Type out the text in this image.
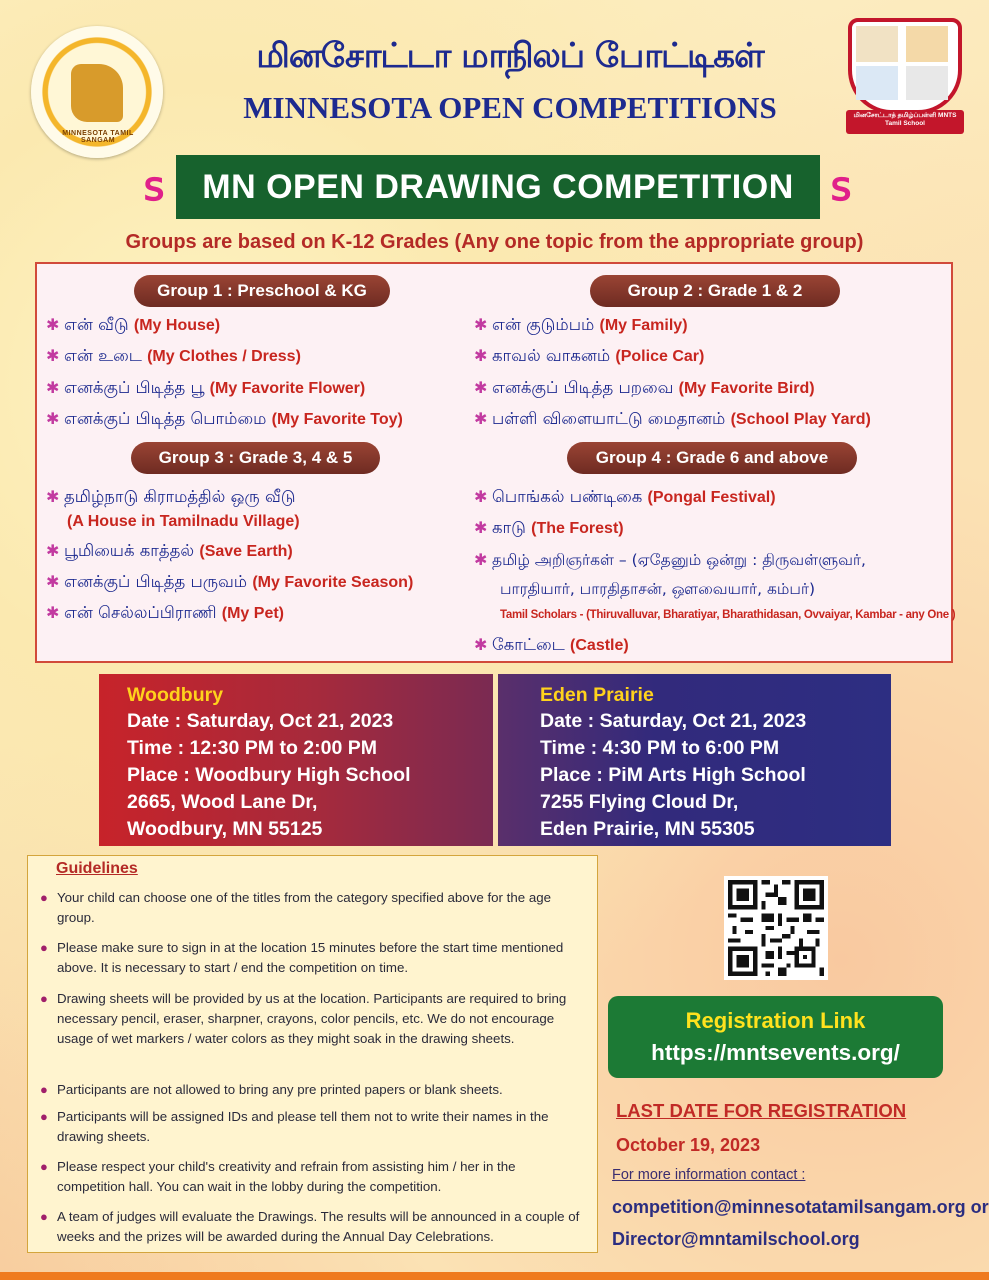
MINNESOTA TAMIL SANGAM
மினசோட்டாத் தமிழ்ப்பள்ளி MNTS Tamil School
மினசோட்டா மாநிலப் போட்டிகள்
MINNESOTA OPEN COMPETITIONS
ꜱ	MN OPEN DRAWING COMPETITION ꜱ
Groups are based on K-12 Grades (Any one topic from the appropriate group)
Group 1 : Preschool & KG	Group 2 : Grade 1 & 2
✱ என் வீடு (My House)
✱ என் உடை (My Clothes / Dress)
✱ எனக்குப் பிடித்த பூ (My Favorite Flower)
✱ எனக்குப் பிடித்த பொம்மை (My Favorite Toy)
✱ என் குடும்பம் (My Family)
✱ காவல் வாகனம் (Police Car)
✱ எனக்குப் பிடித்த பறவை (My Favorite Bird)
✱ பள்ளி விளையாட்டு மைதானம் (School Play Yard)
Group 3 : Grade 3, 4 & 5	Group 4 : Grade 6 and above
✱ தமிழ்நாடு கிராமத்தில் ஒரு வீடு
(A House in Tamilnadu Village)
✱ பூமியைக் காத்தல் (Save Earth)
✱ எனக்குப் பிடித்த பருவம் (My Favorite Season)
✱ என் செல்லப்பிராணி (My Pet)
✱ பொங்கல் பண்டிகை (Pongal Festival)
✱ காடு (The Forest)
✱ தமிழ் அறிஞர்கள் – (ஏதேனும் ஒன்று : திருவள்ளுவர்,
பாரதியார், பாரதிதாசன், ஔவையார், கம்பர்)
Tamil Scholars - (Thiruvalluvar, Bharatiyar, Bharathidasan, Ovvaiyar, Kambar - any One )
✱ கோட்டை (Castle)
Woodbury
Date : Saturday, Oct 21, 2023
Time : 12:30 PM to 2:00 PM
Place : Woodbury High School
2665, Wood Lane Dr,
Woodbury, MN 55125
Eden Prairie
Date : Saturday, Oct 21, 2023
Time : 4:30 PM to 6:00 PM
Place : PiM Arts High School
7255 Flying Cloud Dr,
Eden Prairie, MN 55305
Guidelines
● Your child can choose one of the titles from the category specified above for the age group.
● Please make sure to sign in at the location 15 minutes before the start time mentioned above. It is necessary to start / end the competition on time.
● Drawing sheets will be provided by us at the location. Participants are required to bring necessary pencil, eraser, sharpner, crayons, color pencils, etc. We do not encourage usage of wet markers / water colors as they might soak in the drawing sheets.
● Participants are not allowed to bring any pre printed papers or blank sheets.
● Participants will be assigned IDs and please tell them not to write their names in the drawing sheets.
● Please respect your child's creativity and refrain from assisting him / her in the competition hall. You can wait in the lobby during the competition.
● A team of judges will evaluate the Drawings. The results will be announced in a couple of weeks and the prizes will be awarded during the Annual Day Celebrations.
Registration Link
https://mntsevents.org/
LAST DATE FOR REGISTRATION
October 19, 2023
For more information contact :
competition@minnesotatamilsangam.org or
Director@mntamilschool.org
